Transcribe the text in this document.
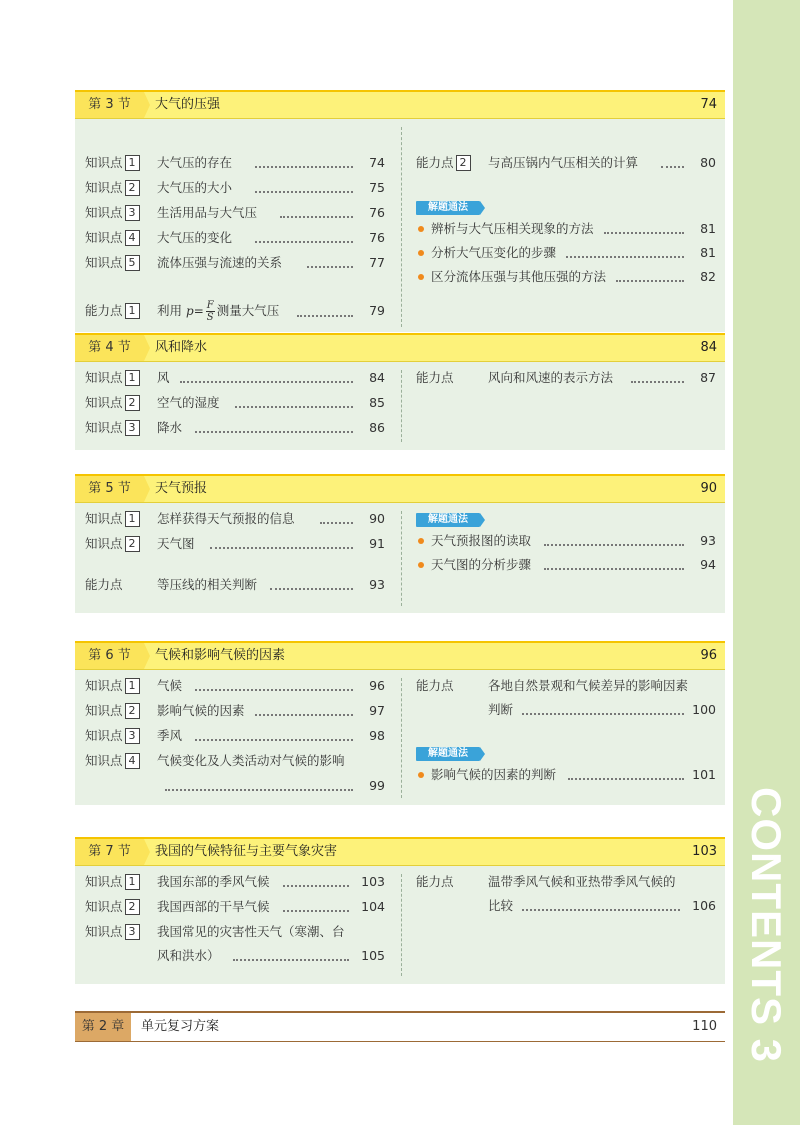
CONTENTS 3
第 3 节	大气的压强	74
知识点 1	大气压的存在	74
知识点 2	大气压的大小	75
知识点 3	生活用品与大气压	76
知识点 4	大气压的变化	76
知识点 5	流体压强与流速的关系	77
能力点 1	利用 $p= \frac{F}{S}$ 测量大气压	79
能力点 2	与高压锅内气压相关的计算	80
解题通法
辨析与大气压相关现象的方法	81
分析大气压变化的步骤	81
区分流体压强与其他压强的方法	82
第 4 节	风和降水	84
知识点 1	风	84
知识点 2	空气的湿度	85
知识点 3	降水	86
能力点	风向和风速的表示方法	87
第 5 节	天气预报	90
知识点 1	怎样获得天气预报的信息	90
知识点 2	天气图	91
能力点	等压线的相关判断	93
解题通法
天气预报图的读取	93
天气图的分析步骤	94
第 6 节	气候和影响气候的因素	96
知识点 1	气候	96
知识点 2	影响气候的因素	97
知识点 3	季风	98
知识点 4	气候变化及人类活动对气候的影响
99
能力点	各地自然景观和气候差异的影响因素
判断	100
解题通法
影响气候的因素的判断	101
第 7 节	我国的气候特征与主要气象灾害	103
知识点 1	我国东部的季风气候	103
知识点 2	我国西部的干旱气候	104
知识点 3	我国常见的灾害性天气（寒潮、台
风和洪水）	105
能力点	温带季风气候和亚热带季风气候的
比较	106
第 2 章	单元复习方案	110
